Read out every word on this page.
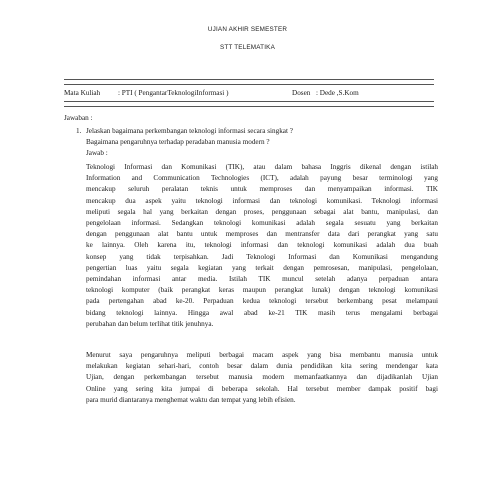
UJIAN AKHIR SEMESTER
STT TELEMATIKA
Mata Kuliah : PTI ( PengantarTeknologiInformasi )	Dosen : Dede ,S.Kom
Jawaban :
1. Jelaskan bagaimana perkembangan teknologi informasi secara singkat ?
Bagaimana pengaruhnya terhadap peradaban manusia modern ?
Jawab :
Teknologi Informasi dan Komunikasi (TIK), atau dalam bahasa Inggris dikenal dengan istilah
Information and Communication Technologies (ICT), adalah payung besar terminologi yang
mencakup seluruh peralatan teknis untuk memproses dan menyampaikan informasi. TIK
mencakup dua aspek yaitu teknologi informasi dan teknologi komunikasi. Teknologi informasi
meliputi segala hal yang berkaitan dengan proses, penggunaan sebagai alat bantu, manipulasi, dan
pengelolaan informasi. Sedangkan teknologi komunikasi adalah segala sesuatu yang berkaitan
dengan penggunaan alat bantu untuk memproses dan mentransfer data dari perangkat yang satu
ke lainnya. Oleh karena itu, teknologi informasi dan teknologi komunikasi adalah dua buah
konsep yang tidak terpisahkan. Jadi Teknologi Informasi dan Komunikasi mengandung
pengertian luas yaitu segala kegiatan yang terkait dengan pemrosesan, manipulasi, pengelolaan,
pemindahan informasi antar media. Istilah TIK muncul setelah adanya perpaduan antara
teknologi komputer (baik perangkat keras maupun perangkat lunak) dengan teknologi komunikasi
pada pertengahan abad ke-20. Perpaduan kedua teknologi tersebut berkembang pesat melampaui
bidang teknologi lainnya. Hingga awal abad ke-21 TIK masih terus mengalami berbagai
perubahan dan belum terlihat titik jenuhnya.
Menurut saya pengaruhnya meliputi berbagai macam aspek yang bisa membantu manusia untuk
melakukan kegiatan sehari-hari, contoh besar dalam dunia pendidikan kita sering mendengar kata
Ujian, dengan perkembangan tersebut manusia modern memanfaatkannya dan dijadikanlah Ujian
Online yang sering kita jumpai di beberapa sekolah. Hal tersebut member dampak positif bagi
para murid diantaranya menghemat waktu dan tempat yang lebih efisien.
